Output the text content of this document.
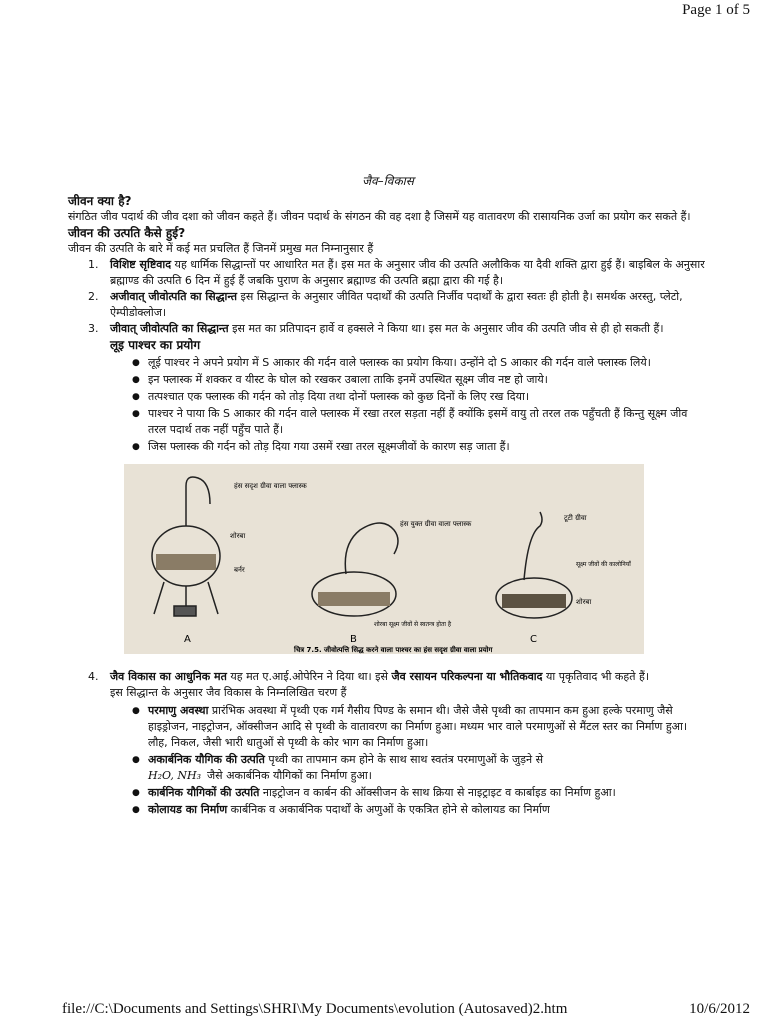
Page 1 of 5
जैव–विकास
जीवन क्या है?

संगठित जीव पदार्थ की जीव दशा को जीवन कहते हैं। जीवन पदार्थ के संगठन की वह दशा है जिसमें यह वातावरण की रासायनिक उर्जा का प्रयोग कर सकते हैं।

जीवन की उत्पति कैसे हुई?

जीवन की उत्पति के बारे में कई मत प्रचलित हैं जिनमें प्रमुख मत निम्नानुसार हैं

1.	विशिष्ट सृष्टिवाद यह धार्मिक सिद्धान्तों पर आधारित मत हैं। इस मत के अनुसार जीव की उत्पति अलौकिक या दैवी शक्ति द्वारा हुई हैं। बाइबिल के अनुसार ब्रह्माण्ड की उत्पति 6 दिन में हुई हैं जबकि पुराण के अनुसार ब्रह्माण्ड की उत्पति ब्रह्मा द्वारा की गई है।
2.	अजीवात् जीवोत्पति का सिद्धान्त इस सिद्धान्त के अनुसार जीवित पदार्थों की उत्पति निर्जीव पदार्थों के द्वारा स्वतः ही होती है। समर्थक अरस्तु, प्लेटो, ऐम्पीडोक्लोज।
3.	जीवात् जीवोत्पति का सिद्धान्त इस मत का प्रतिपादन हार्वे व हक्सले ने किया था। इस मत के अनुसार जीव की उत्पति जीव से ही हो सकती हैं।
लूइ पाश्चर का प्रयोग
● लूई पाश्चर ने अपने प्रयोग में S आकार की गर्दन वाले फ्लास्क का प्रयोग किया। उन्होंने दो S आकार की गर्दन वाले फ्लास्क लिये।
● इन फ्लास्क में शक्कर व यीस्ट के घोल को रखकर उबाला ताकि इनमें उपस्थित सूक्ष्म जीव नष्ट हो जाये।
● तत्पश्चात एक फ्लास्क की गर्दन को तोड़ दिया तथा दोनों फ्लास्क को कुछ दिनों के लिए रख दिया।
● पाश्चर ने पाया कि S आकार की गर्दन वाले फ्लास्क में रखा तरल सड़ता नहीं हैं क्योंकि इसमें वायु तो तरल तक पहुँचती हैं किन्तु सूक्ष्म जीव तरल पदार्थ तक नहीं पहुँच पाते हैं।
● जिस फ्लास्क की गर्दन को तोड़ दिया गया उसमें रखा तरल सूक्ष्मजीवों के कारण सड़ जाता हैं।
A
हंस सदृश ग्रीवा वाला फ्लास्क
शोरबा
बर्नर
B
हंस युक्त ग्रीवा वाला फ्लास्क
शोरबा सूक्ष्म जीवों से स्वतन्त्र होता है
C
टूटी ग्रीवा
सूक्ष्म जीवों की कालोनियाँ
शोरबा
चित्र 7.5. जीवोत्पत्ति सिद्ध करने वाला पाश्चर का हंस सदृश ग्रीवा वाला प्रयोग
4.	जैव विकास का आधुनिक मत यह मत ए.आई.ओपेरिन ने दिया था। इसे जैव रसायन परिकल्पना या भौतिकवाद या पृकृतिवाद भी कहते हैं।
इस सिद्धान्त के अनुसार जैव विकास के निम्नलिखित चरण हैं
● परमाणु अवस्था प्रारंभिक अवस्था में पृथ्वी एक गर्म गैसीय पिण्ड के समान थी। जैसे जैसे पृथ्वी का तापमान कम हुआ हल्के परमाणु जैसे हाइड्रोजन, नाइट्रोजन, ऑक्सीजन आदि से पृथ्वी के वातावरण का निर्माण हुआ। मध्यम भार वाले परमाणुओं से मैंटल स्तर का निर्माण हुआ। लौह, निकल, जैसी भारी धातुओं से पृथ्वी के कोर भाग का निर्माण हुआ।
● अकार्बनिक यौगिक की उत्पति पृथ्वी का तापमान कम होने के साथ साथ स्वतंत्र परमाणुओं के जुड़ने से
H₂O, NH₃ जैसे अकार्बनिक यौगिकों का निर्माण हुआ।
● कार्बनिक यौगिकों की उत्पति नाइट्रोजन व कार्बन की ऑक्सीजन के साथ क्रिया से नाइट्राइट व कार्बाइड का निर्माण हुआ।
● कोलायड का निर्माण कार्बनिक व अकार्बनिक पदार्थों के अणुओं के एकत्रित होने से कोलायड का निर्माण
file://C:\Documents and Settings\SHRI\My Documents\evolution (Autosaved)2.htm	10/6/2012
